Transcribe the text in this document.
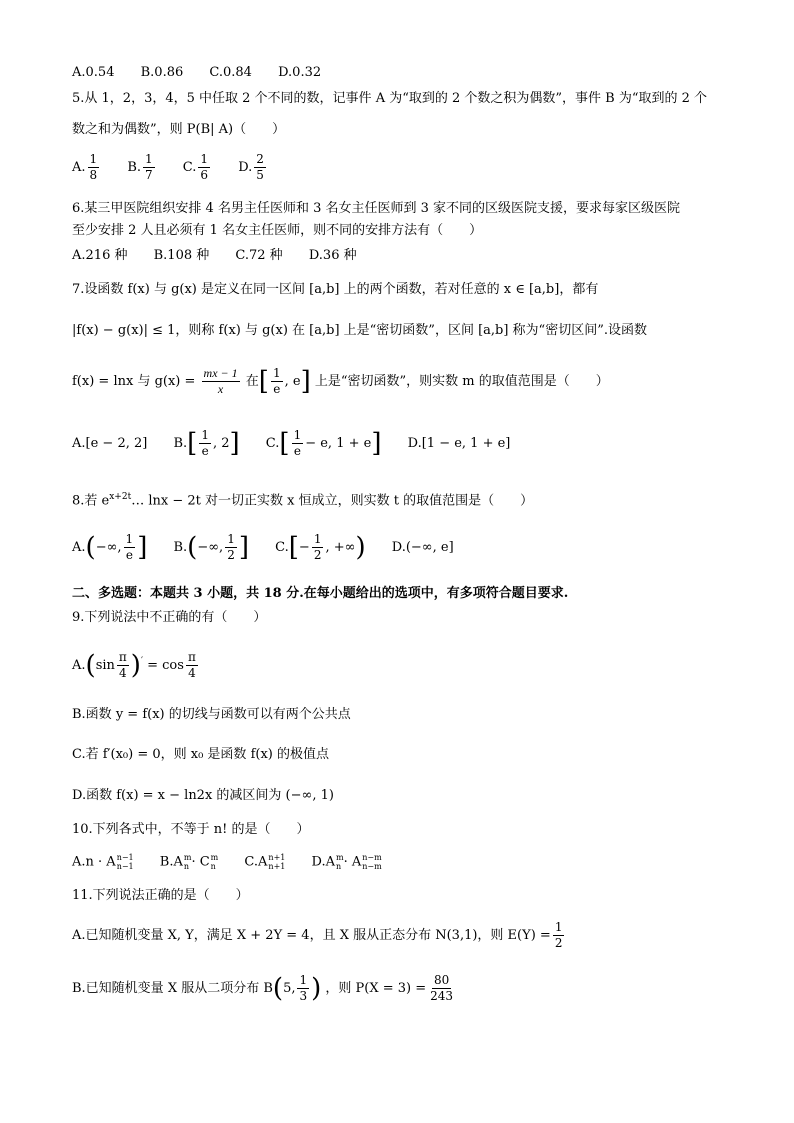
A.0.54 B.0.86 C.0.84 D.0.32
5.从 1，2，3，4，5 中任取 2 个不同的数，记事件 A 为“取到的 2 个数之积为偶数”，事件 B 为“取到的 2 个
数之和为偶数”，则 P(B| A)（　　）
A. $\frac{1}{8} B$. $\frac{1}{7} C$. $\frac{1}{6} D$. $\frac{2}{5}$
6.某三甲医院组织安排 4 名男主任医师和 3 名女主任医师到 3 家不同的区级医院支援，要求每家区级医院
至少安排 2 人且必须有 1 名女主任医师，则不同的安排方法有（　　）
A.216 种 B.108 种 C.72 种 D.36 种
7.设函数 f(x) 与 g(x) 是定义在同一区间 [a,b] 上的两个函数，若对任意的 x ∈ [a,b]，都有
|f(x) − g(x)| ≤ 1，则称 f(x) 与 g(x) 在 [a,b] 上是“密切函数”，区间 [a,b] 称为“密切区间”.设函数
f(x) = lnx 与 $g(x) = \frac{mx - 1}{x}$ 在[ $\frac{1}{e}$ , e] 上是“密切函数”，则实数 m 的取值范围是（　　）
A.[e − 2, 2] $B.[ \frac{1}{e}$ , 2] $C.[ \frac{1}{e} - e$, 1 + e] D.[1 − e, 1 + e]
8.若 $e^{x+2t}\dots$ lnx − 2t 对一切正实数 x 恒成立，则实数 t 的取值范围是（　　）
A.(−∞, $\frac{1}{e}$ ] B.(−∞, $\frac{1}{2}$ ] $C.[- \frac{1}{2}$ , +∞) D.(−∞, e]
二、多选题：本题共 3 小题，共 18 分.在每小题给出的选项中，有多项符合题目要求.
9.下列说法中不正确的有（　　）
$A.(\sin \frac{\pi}{4} )' = \cos \frac{\pi}{4}$
B.函数 y = f(x) 的切线与函数可以有两个公共点
C.若 f′(x₀) = 0，则 x₀ 是函数 f(x) 的极值点
D.函数 f(x) = x − ln2x 的减区间为 (−∞, 1)
10.下列各式中，不等于 n! 的是（　　）
A.n · A n−1
n−1 B.A m
n · C m
n C.A n+1
n+1 D.A m
n · A n−m
n−m
11.下列说法正确的是（　　）
A.已知随机变量 X, Y，满足 X + 2Y = 4，且 X 服从正态分布 N(3,1)，则 $E(Y) = \frac{1}{2}$
B.已知随机变量 X 服从二项分布 B(5, $\frac{1}{3}$ ) ，则 $P(X = 3) = \frac{80}{243}$
